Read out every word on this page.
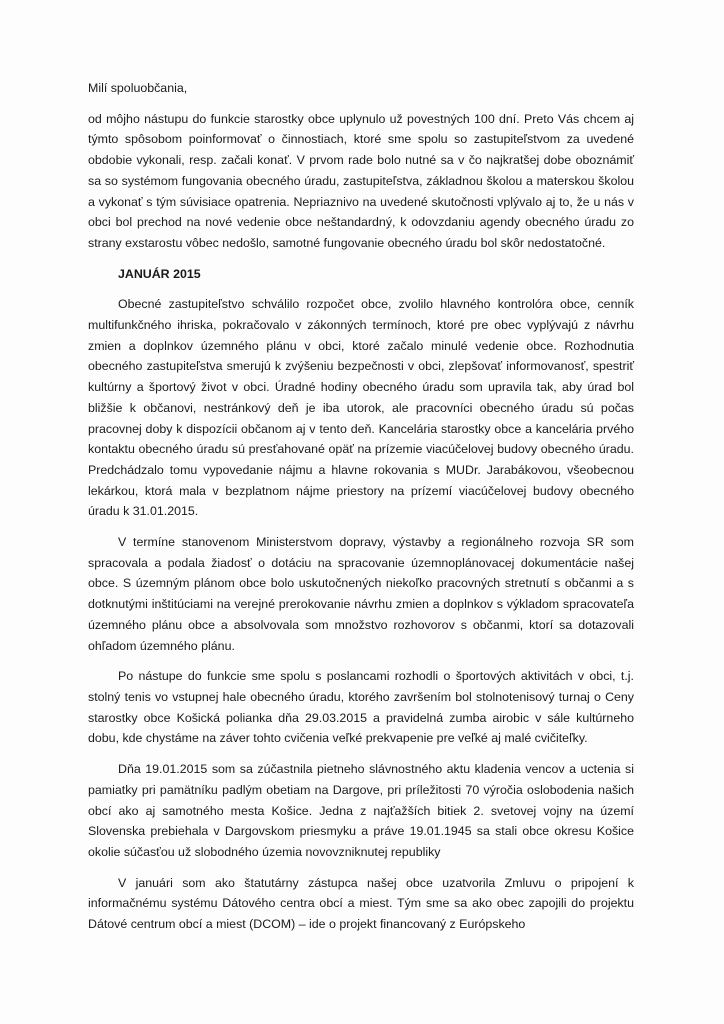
Milí spoluobčania,

od môjho nástupu do funkcie starostky obce uplynulo už povestných 100 dní. Preto Vás chcem aj týmto spôsobom poinformovať o činnostiach, ktoré sme spolu so zastupiteľstvom za uvedené obdobie vykonali, resp. začali konať. V prvom rade bolo nutné sa v čo najkratšej dobe oboznámiť sa so systémom fungovania obecného úradu, zastupiteľstva, základnou školou a materskou školou a vykonať s tým súvisiace opatrenia. Nepriaznivo na uvedené skutočnosti vplývalo aj to, že u nás v obci bol prechod na nové vedenie obce neštandardný, k odovzdaniu agendy obecného úradu zo strany exstarostu vôbec nedošlo, samotné fungovanie obecného úradu bol skôr nedostatočné.

JANUÁR 2015

Obecné zastupiteľstvo schválilo rozpočet obce, zvolilo hlavného kontrolóra obce, cenník multifunkčného ihriska, pokračovalo v zákonných termínoch, ktoré pre obec vyplývajú z návrhu zmien a doplnkov územného plánu v obci, ktoré začalo minulé vedenie obce. Rozhodnutia obecného zastupiteľstva smerujú k zvýšeniu bezpečnosti v obci, zlepšovať informovanosť, spestriť kultúrny a športový život v obci. Úradné hodiny obecného úradu som upravila tak, aby úrad bol bližšie k občanovi, nestránkový deň je iba utorok, ale pracovníci obecného úradu sú počas pracovnej doby k dispozícii občanom aj v tento deň. Kancelária starostky obce a kancelária prvého kontaktu obecného úradu sú presťahované opäť na prízemie viacúčelovej budovy obecného úradu. Predchádzalo tomu vypovedanie nájmu a hlavne rokovania s MUDr. Jarabákovou, všeobecnou lekárkou, ktorá mala v bezplatnom nájme priestory na prízemí viacúčelovej budovy obecného úradu k 31.01.2015.

V termíne stanovenom Ministerstvom dopravy, výstavby a regionálneho rozvoja SR som spracovala a podala žiadosť o dotáciu na spracovanie územnoplánovacej dokumentácie našej obce. S územným plánom obce bolo uskutočnených niekoľko pracovných stretnutí s občanmi a s dotknutými inštitúciami na verejné prerokovanie návrhu zmien a doplnkov s výkladom spracovateľa územného plánu obce a absolvovala som množstvo rozhovorov s občanmi, ktorí sa dotazovali ohľadom územného plánu.

Po nástupe do funkcie sme spolu s poslancami rozhodli o športových aktivitách v obci, t.j. stolný tenis vo vstupnej hale obecného úradu, ktorého završením bol stolnotenisový turnaj o Ceny starostky obce Košická polianka dňa 29.03.2015 a pravidelná zumba airobic v sále kultúrneho dobu, kde chystáme na záver tohto cvičenia veľké prekvapenie pre veľké aj malé cvičiteľky.

Dňa 19.01.2015 som sa zúčastnila pietneho slávnostného aktu kladenia vencov a uctenia si pamiatky pri pamätníku padlým obetiam na Dargove, pri príležitosti 70 výročia oslobodenia našich obcí ako aj samotného mesta Košice. Jedna z najťažších bitiek 2. svetovej vojny na území Slovenska prebiehala v Dargovskom priesmyku a práve 19.01.1945 sa stali obce okresu Košice okolie súčasťou už slobodného územia novovzniknutej republiky

V januári som ako štatutárny zástupca našej obce uzatvorila Zmluvu o pripojení k informačnému systému Dátového centra obcí a miest. Tým sme sa ako obec zapojili do projektu Dátové centrum obcí a miest (DCOM) – ide o projekt financovaný z Európskeho
